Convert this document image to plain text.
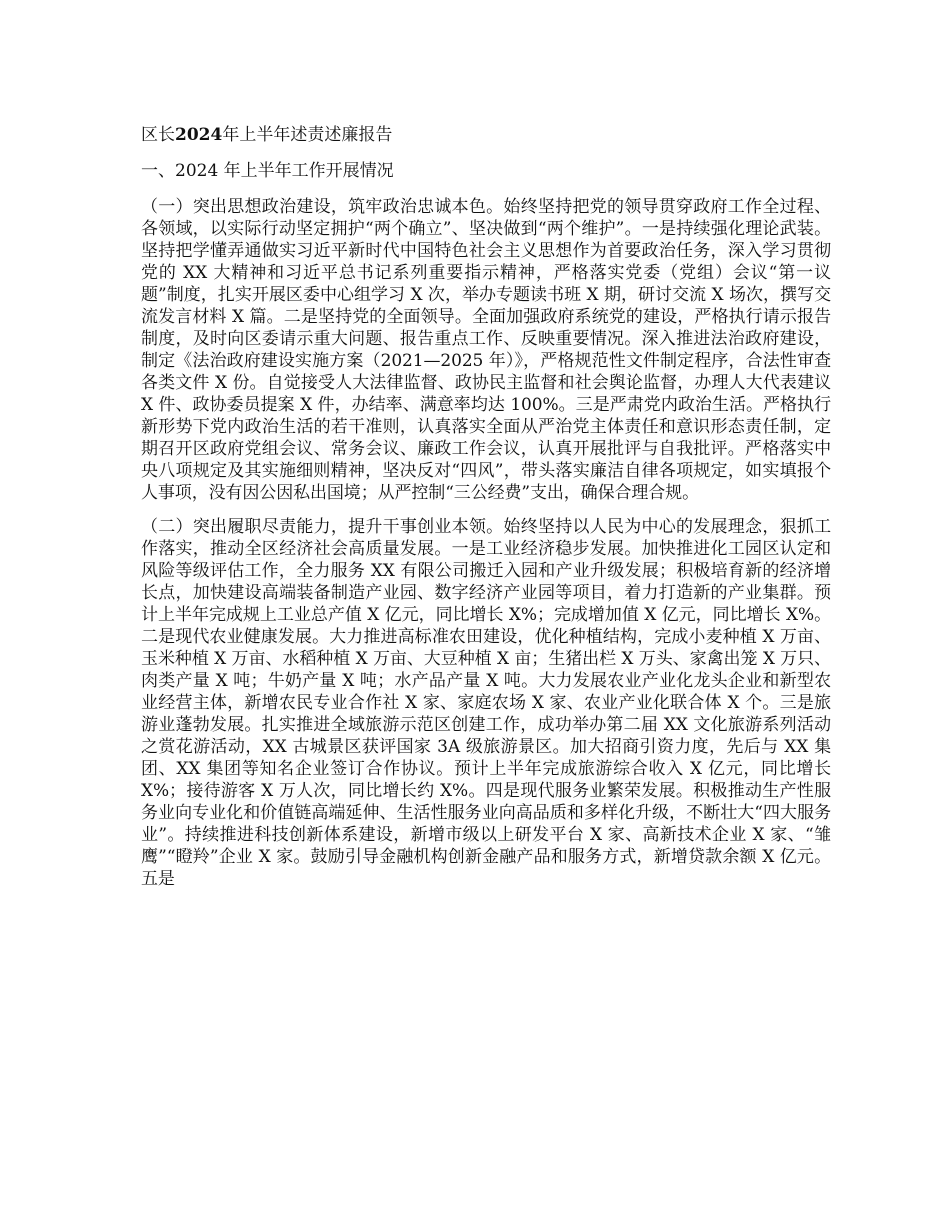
区长2024年上半年述责述廉报告

一、2024 年上半年工作开展情况

（一）突出思想政治建设，筑牢政治忠诚本色。始终坚持把党的领导贯穿政府工作全过程、各领域，以实际行动坚定拥护“两个确立”、坚决做到“两个维护”。一是持续强化理论武装。坚持把学懂弄通做实习近平新时代中国特色社会主义思想作为首要政治任务，深入学习贯彻党的 XX 大精神和习近平总书记系列重要指示精神，严格落实党委（党组）会议“第一议题”制度，扎实开展区委中心组学习 X 次，举办专题读书班 X 期，研讨交流 X 场次，撰写交流发言材料 X 篇。二是坚持党的全面领导。全面加强政府系统党的建设，严格执行请示报告制度，及时向区委请示重大问题、报告重点工作、反映重要情况。深入推进法治政府建设，制定《法治政府建设实施方案（2021—2025 年）》，严格规范性文件制定程序，合法性审查各类文件 X 份。自觉接受人大法律监督、政协民主监督和社会舆论监督，办理人大代表建议 X 件、政协委员提案 X 件，办结率、满意率均达 100%。三是严肃党内政治生活。严格执行新形势下党内政治生活的若干准则，认真落实全面从严治党主体责任和意识形态责任制，定期召开区政府党组会议、常务会议、廉政工作会议，认真开展批评与自我批评。严格落实中央八项规定及其实施细则精神，坚决反对“四风”，带头落实廉洁自律各项规定，如实填报个人事项，没有因公因私出国境；从严控制“三公经费”支出，确保合理合规。

（二）突出履职尽责能力，提升干事创业本领。始终坚持以人民为中心的发展理念，狠抓工作落实，推动全区经济社会高质量发展。一是工业经济稳步发展。加快推进化工园区认定和风险等级评估工作，全力服务 XX 有限公司搬迁入园和产业升级发展；积极培育新的经济增长点，加快建设高端装备制造产业园、数字经济产业园等项目，着力打造新的产业集群。预计上半年完成规上工业总产值 X 亿元，同比增长 X%；完成增加值 X 亿元，同比增长 X%。二是现代农业健康发展。大力推进高标准农田建设，优化种植结构，完成小麦种植 X 万亩、玉米种植 X 万亩、水稻种植 X 万亩、大豆种植 X 亩；生猪出栏 X 万头、家禽出笼 X 万只、肉类产量 X 吨；牛奶产量 X 吨；水产品产量 X 吨。大力发展农业产业化龙头企业和新型农业经营主体，新增农民专业合作社 X 家、家庭农场 X 家、农业产业化联合体 X 个。三是旅游业蓬勃发展。扎实推进全域旅游示范区创建工作，成功举办第二届 XX 文化旅游系列活动之赏花游活动，XX 古城景区获评国家 3A 级旅游景区。加大招商引资力度，先后与 XX 集团、XX 集团等知名企业签订合作协议。预计上半年完成旅游综合收入 X 亿元，同比增长 X%；接待游客 X 万人次，同比增长约 X%。四是现代服务业繁荣发展。积极推动生产性服务业向专业化和价值链高端延伸、生活性服务业向高品质和多样化升级，不断壮大“四大服务业”。持续推进科技创新体系建设，新增市级以上研发平台 X 家、高新技术企业 X 家、“雏鹰”“瞪羚”企业 X 家。鼓励引导金融机构创新金融产品和服务方式，新增贷款余额 X 亿元。五是
